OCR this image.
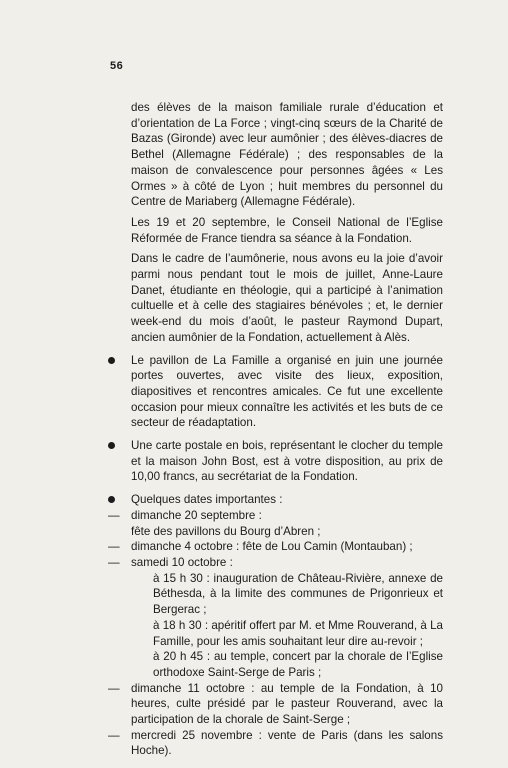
56

des élèves de la maison familiale rurale d’éducation et d’orientation de La Force ; vingt-cinq sœurs de la Charité de Bazas (Gironde) avec leur aumônier ; des élèves-diacres de Bethel (Allemagne Fédérale) ; des responsables de la maison de convalescence pour personnes âgées « Les Ormes » à côté de Lyon ; huit membres du personnel du Centre de Mariaberg (Allemagne Fédérale).

Les 19 et 20 septembre, le Conseil National de l’Eglise Réformée de France tiendra sa séance à la Fondation.

Dans le cadre de l’aumônerie, nous avons eu la joie d’avoir parmi nous pendant tout le mois de juillet, Anne-Laure Danet, étudiante en théologie, qui a participé à l’animation cultuelle et à celle des stagiaires bénévoles ; et, le dernier week-end du mois d’août, le pasteur Raymond Dupart, ancien aumônier de la Fondation, actuellement à Alès.

Le pavillon de La Famille a organisé en juin une journée portes ouvertes, avec visite des lieux, exposition, diapositives et rencontres amicales. Ce fut une excellente occasion pour mieux connaître les activités et les buts de ce secteur de réadaptation.
Une carte postale en bois, représentant le clocher du temple et la maison John Bost, est à votre disposition, au prix de 10,00 francs, au secrétariat de la Fondation.
Quelques dates importantes :
— dimanche 20 septembre :
fête des pavillons du Bourg d’Abren ;
— dimanche 4 octobre : fête de Lou Camin (Montauban) ;
— samedi 10 octobre :
à 15 h 30 : inauguration de Château-Rivière, annexe de Béthesda, à la limite des communes de Prigonrieux et Bergerac ;
à 18 h 30 : apéritif offert par M. et Mme Rouverand, à La Famille, pour les amis souhaitant leur dire au-revoir ;
à 20 h 45 : au temple, concert par la chorale de l’Eglise orthodoxe Saint-Serge de Paris ;
— dimanche 11 octobre : au temple de la Fondation, à 10 heures, culte présidé par le pasteur Rouverand, avec la participation de la chorale de Saint-Serge ;
— mercredi 25 novembre : vente de Paris (dans les salons Hoche).
